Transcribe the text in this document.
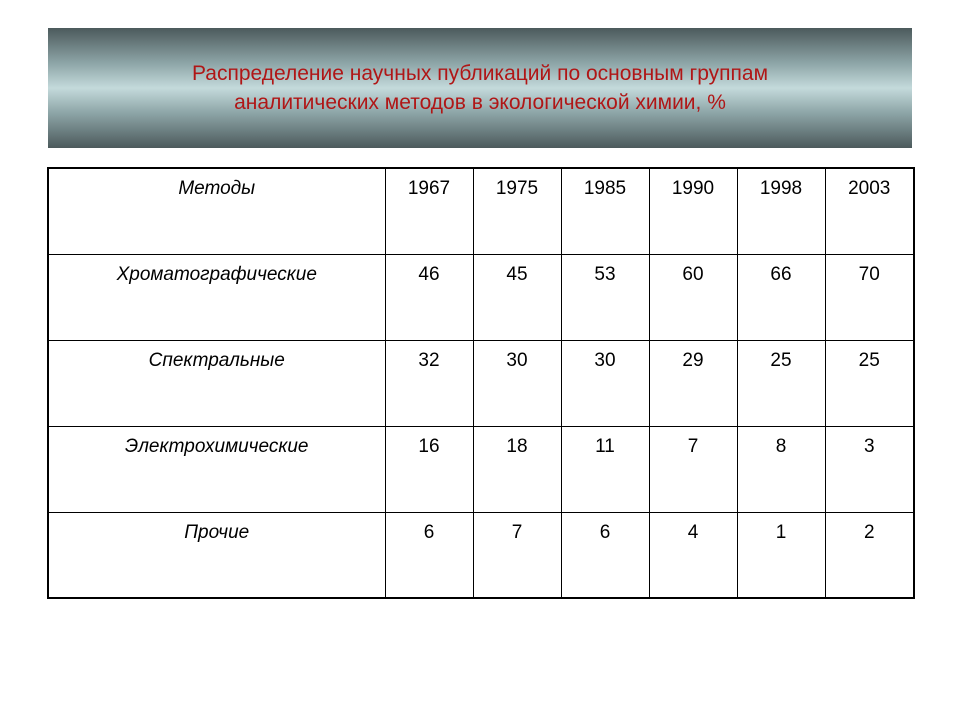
Распределение научных публикаций по основным группам
аналитических методов в экологической химии, %
Методы	1967	1975	1985	1990	1998	2003
Хроматографические	46	45	53	60	66	70
Спектральные	32	30	30	29	25	25
Электрохимические	16	18	11	7	8	3
Прочие	6	7	6	4	1	2
